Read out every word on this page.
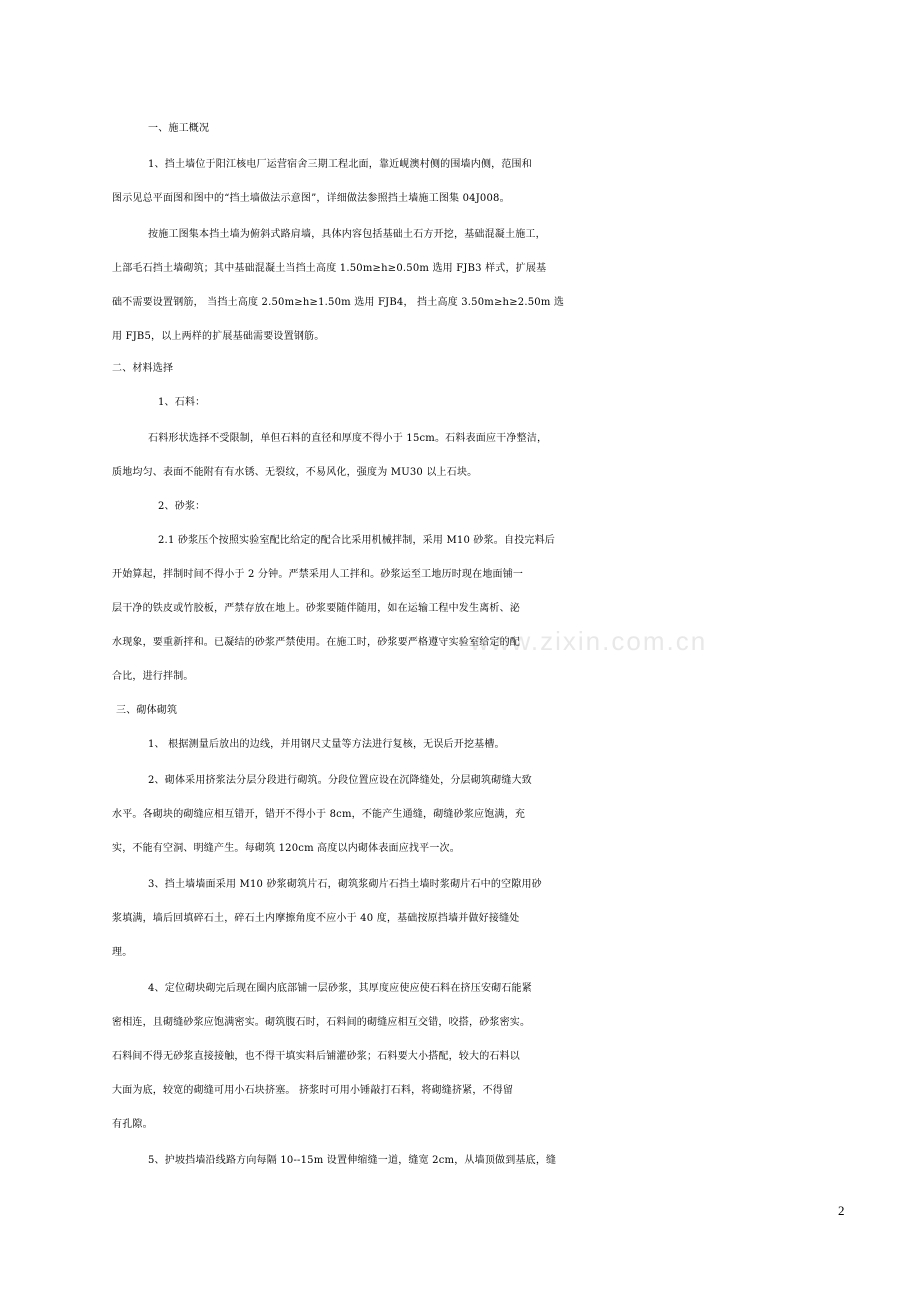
www.zixin.com.cn
一、施工概况
1、挡土墙位于阳江核电厂运营宿舍三期工程北面，靠近岘澳村侧的围墙内侧，范围和
图示见总平面图和图中的“挡土墙做法示意图”，详细做法参照挡土墙施工图集 04J008。
按施工图集本挡土墙为俯斜式路肩墙，具体内容包括基础土石方开挖，基础混凝土施工，
上部毛石挡土墙砌筑；其中基础混凝土当挡土高度 1.50m≥h≥0.50m 选用 FJB3 样式，扩展基
础不需要设置钢筋， 当挡土高度 2.50m≥h≥1.50m 选用 FJB4， 挡土高度 3.50m≥h≥2.50m 选
用 FJB5，以上两样的扩展基础需要设置钢筋。
二、材料选择
1、石料：
石料形状选择不受限制，单但石料的直径和厚度不得小于 15cm。石料表面应干净整洁，
质地均匀、表面不能附有有水锈、无裂纹，不易风化，强度为 MU30 以上石块。
2、砂浆：
2.1 砂浆压个按照实验室配比给定的配合比采用机械拌制，采用 M10 砂浆。自投完料后
开始算起，拌制时间不得小于 2 分钟。严禁采用人工拌和。砂浆运至工地历时现在地面铺一
层干净的铁皮或竹胶板，严禁存放在地上。砂浆要随伴随用，如在运输工程中发生离析、泌
水现象，要重新拌和。已凝结的砂浆严禁使用。在施工时，砂浆要严格遵守实验室给定的配
合比，进行拌制。
三、砌体砌筑
1、 根据测量后放出的边线，并用钢尺丈量等方法进行复核，无误后开挖基槽。
2、砌体采用挤浆法分层分段进行砌筑。分段位置应设在沉降缝处，分层砌筑砌缝大致
水平。各砌块的砌缝应相互错开，错开不得小于 8cm，不能产生通缝，砌缝砂浆应饱满，充
实，不能有空洞、明缝产生。每砌筑 120cm 高度以内砌体表面应找平一次。
3、挡土墙墙面采用 M10 砂浆砌筑片石，砌筑浆砌片石挡土墙时浆砌片石中的空隙用砂
浆填满，墙后回填碎石土，碎石土内摩擦角度不应小于 40 度，基础按原挡墙并做好接缝处
理。
4、定位砌块砌完后现在圈内底部铺一层砂浆，其厚度应使应使石料在挤压安砌石能紧
密相连，且砌缝砂浆应饱满密实。砌筑腹石时，石料间的砌缝应相互交错，咬搭，砂浆密实。
石料间不得无砂浆直接接触，也不得干填实料后铺灌砂浆；石料要大小搭配，较大的石料以
大面为底，较宽的砌缝可用小石块挤塞。 挤浆时可用小锤敲打石料，将砌缝挤紧，不得留
有孔隙。
5、护坡挡墙沿线路方向每隔 10--15m 设置伸缩缝一道，缝宽 2cm，从墙顶做到基底，缝
2
